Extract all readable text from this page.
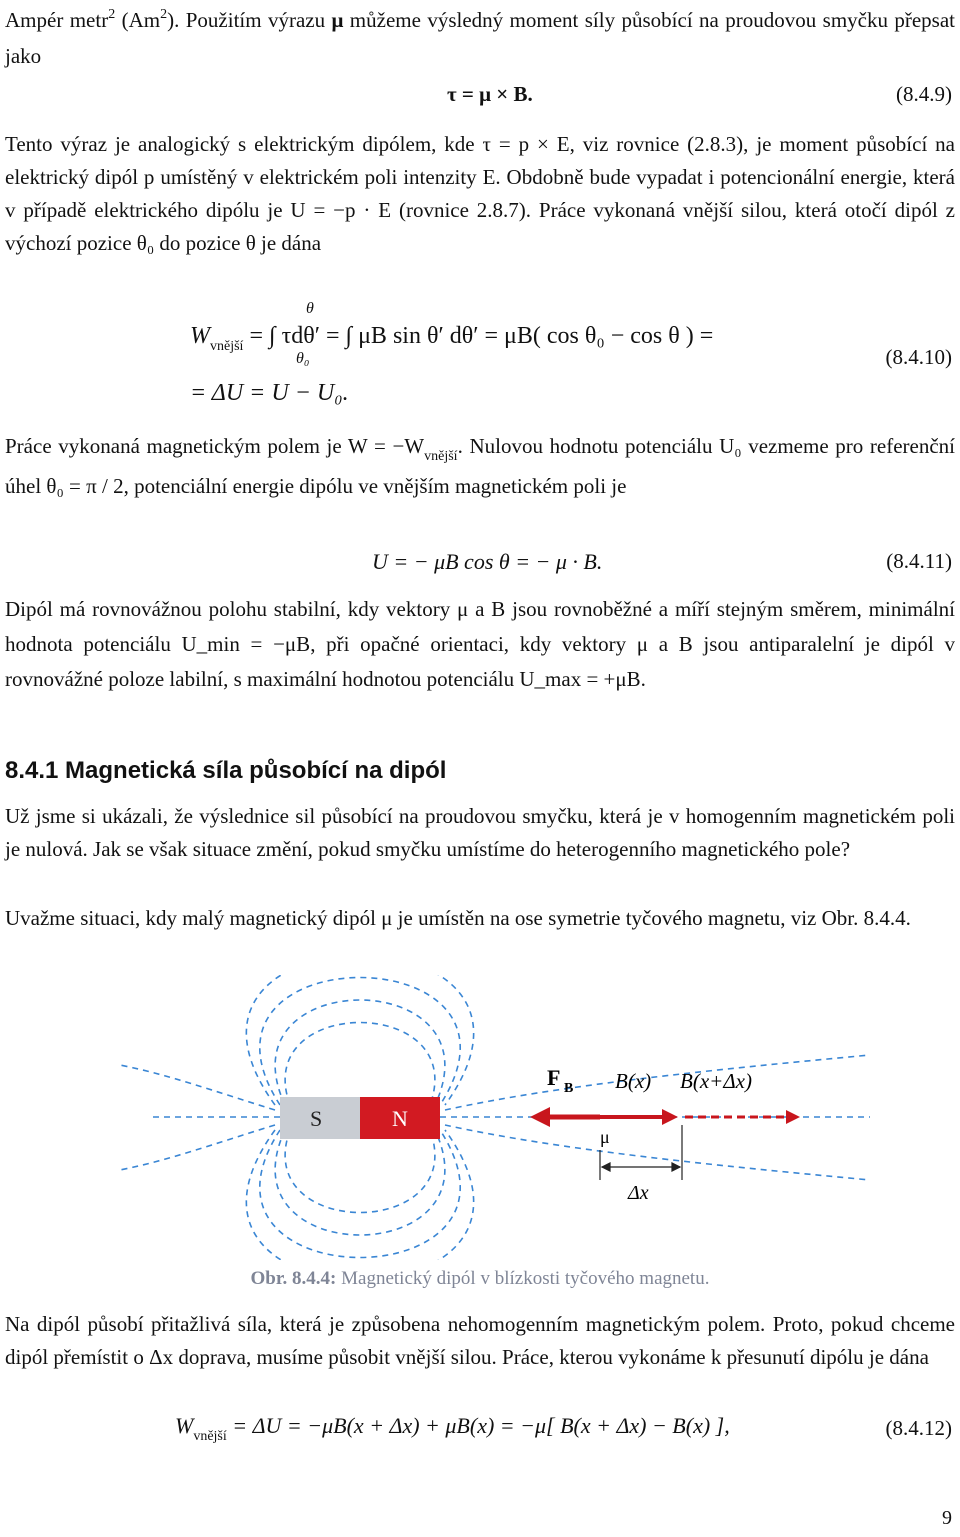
Ampér metr$^2$ (Am$^2$). Použitím výrazu μ můžeme výsledný moment síly působící na proudovou smyčku přepsat jako
τ = μ × B.	(8.4.9)
Tento výraz je analogický s elektrickým dipólem, kde τ = p × E, viz rovnice (2.8.3), je moment působící na elektrický dipól p umístěný v elektrickém poli intenzity E. Obdobně bude vypadat i potencionální energie, která v případě elektrického dipólu je U = −p · E (rovnice 2.8.7). Práce vykonaná vnější silou, která otočí dipól z výchozí pozice θ₀ do pozice θ je dána
$W_{vnější}$ = ∫ τdθ′ = ∫ μB sin θ′ dθ′ = μB( cos θ₀ − cos θ ) =
θ
θ₀
= ΔU = U − U₀.
(8.4.10)
Práce vykonaná magnetickým polem je $W = -W_{vnější}$. Nulovou hodnotu potenciálu U₀ vezmeme pro referenční úhel θ₀ = π / 2, potenciální energie dipólu ve vnějším magnetickém poli je
U = − μB cos θ = − μ · B.	(8.4.11)
Dipól má rovnovážnou polohu stabilní, kdy vektory μ a B jsou rovnoběžné a míří stejným směrem, minimální hodnota potenciálu U_min = −μB, při opačné orientaci, kdy vektory μ a B jsou antiparalelní je dipól v rovnovážné poloze labilní, s maximální hodnotou potenciálu U_max = +μB.
8.4.1 Magnetická síla působící na dipól
Už jsme si ukázali, že výslednice sil působící na proudovou smyčku, která je v homogenním magnetickém poli je nulová. Jak se však situace změní, pokud smyčku umístíme do heterogenního magnetického pole?
Uvažme situaci, kdy malý magnetický dipól μ je umístěn na ose symetrie tyčového magnetu, viz Obr. 8.4.4.
S	N
F B B(x) B(x+Δx)
μ
Δx
Obr. 8.4.4: Magnetický dipól v blízkosti tyčového magnetu.
Na dipól působí přitažlivá síla, která je způsobena nehomogenním magnetickým polem. Proto, pokud chceme dipól přemístit o Δx doprava, musíme působit vnější silou. Práce, kterou vykonáme k přesunutí dipólu je dána
$W_{vnější} = \Delta U = -\mu B(x + \Delta x) + \mu B(x) = -\mu$[ B(x + Δx) − B(x) ],	(8.4.12)
9
